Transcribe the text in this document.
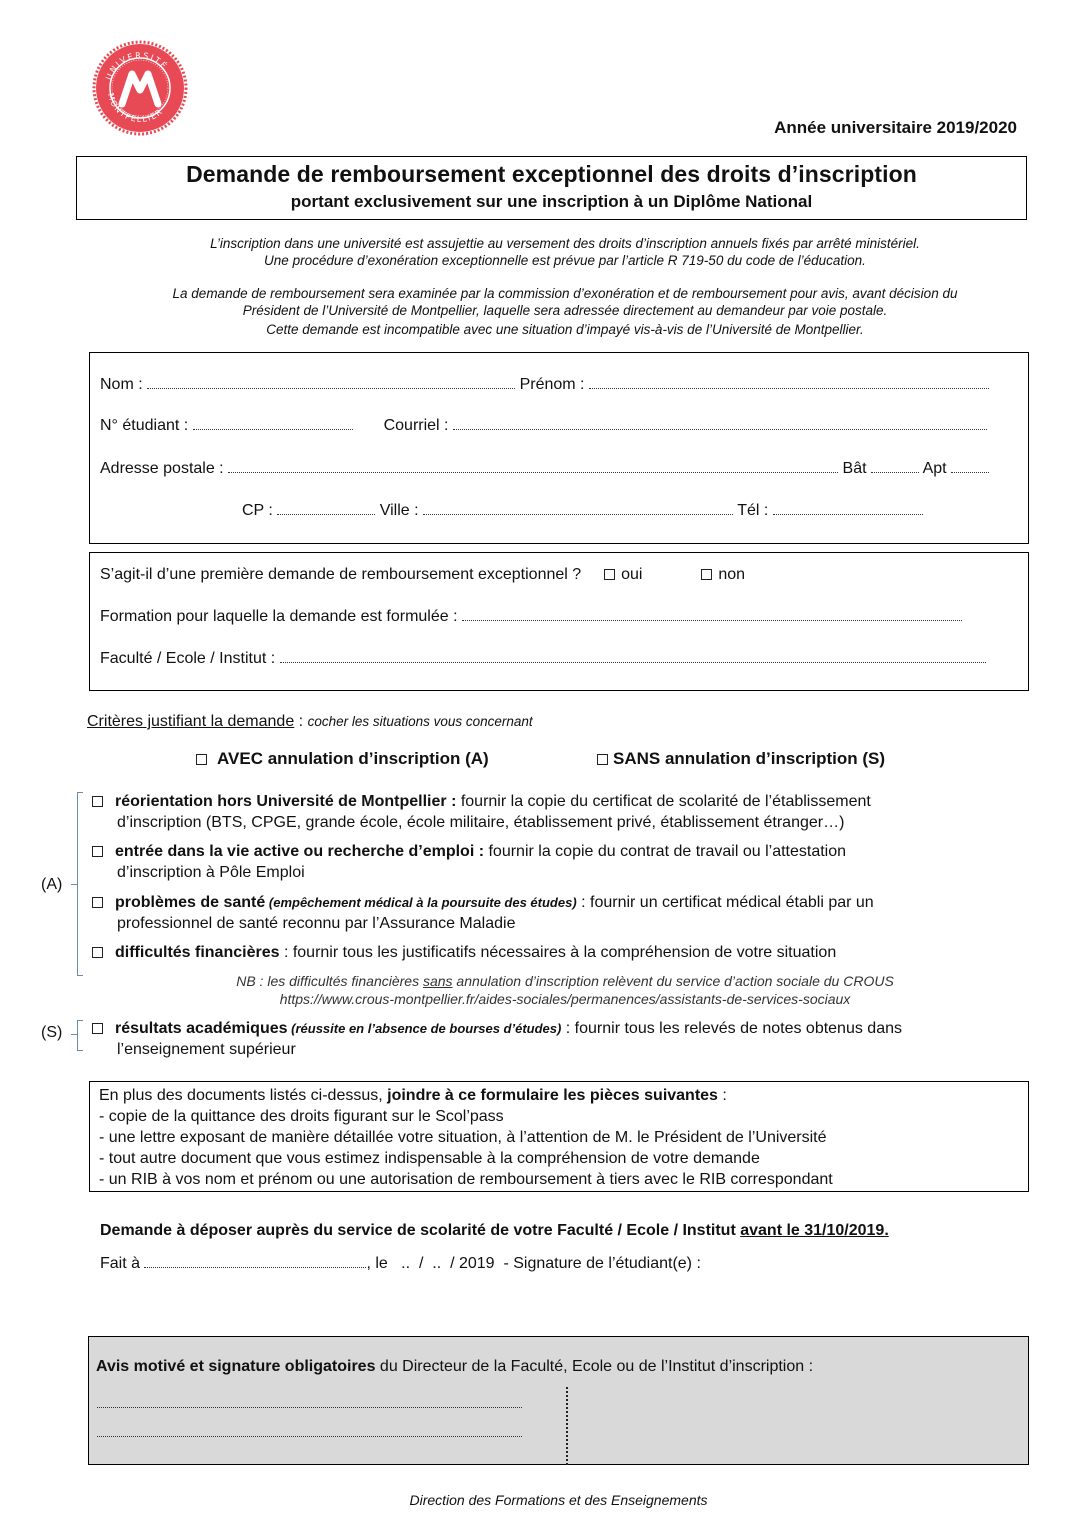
UNIVERSITÉ
MONTPELLIER
Année universitaire 2019/2020
Demande de remboursement exceptionnel des droits d’inscription
portant exclusivement sur une inscription à un Diplôme National
L’inscription dans une université est assujettie au versement des droits d’inscription annuels fixés par arrêté ministériel.
Une procédure d’exonération exceptionnelle est prévue par l’article R 719-50 du code de l’éducation.
La demande de remboursement sera examinée par la commission d’exonération et de remboursement pour avis, avant décision du
Président de l’Université de Montpellier, laquelle sera adressée directement au demandeur par voie postale.
Cette demande est incompatible avec une situation d’impayé vis-à-vis de l’Université de Montpellier.
Nom :	Prénom :
N° étudiant :	Courriel :
Adresse postale :	Bât	Apt
CP :	Ville :	Tél :
S’agit-il d’une première demande de remboursement exceptionnel ? oui	non
Formation pour laquelle la demande est formulée :
Faculté / Ecole / Institut :
Critères justifiant la demande : cocher les situations vous concernant
AVEC annulation d’inscription (A)	SANS annulation d’inscription (S)
(A)
réorientation hors Université de Montpellier : fournir la copie du certificat de scolarité de l’établissement
d’inscription (BTS, CPGE, grande école, école militaire, établissement privé, établissement étranger…)
entrée dans la vie active ou recherche d’emploi : fournir la copie du contrat de travail ou l’attestation
d’inscription à Pôle Emploi
problèmes de santé (empêchement médical à la poursuite des études) : fournir un certificat médical établi par un
professionnel de santé reconnu par l’Assurance Maladie
difficultés financières : fournir tous les justificatifs nécessaires à la compréhension de votre situation
NB : les difficultés financières sans annulation d’inscription relèvent du service d’action sociale du CROUS
https://www.crous-montpellier.fr/aides-sociales/permanences/assistants-de-services-sociaux
(S)	résultats académiques (réussite en l’absence de bourses d’études) : fournir tous les relevés de notes obtenus dans
l’enseignement supérieur
En plus des documents listés ci-dessus, joindre à ce formulaire les pièces suivantes :
- copie de la quittance des droits figurant sur le Scol’pass
- une lettre exposant de manière détaillée votre situation, à l’attention de M. le Président de l’Université
- tout autre document que vous estimez indispensable à la compréhension de votre demande
- un RIB à vos nom et prénom ou une autorisation de remboursement à tiers avec le RIB correspondant
Demande à déposer auprès du service de scolarité de votre Faculté / Ecole / Institut avant le 31/10/2019.
Fait à	, le ..  /  ..  / 2019 - Signature de l’étudiant(e) :
Avis motivé et signature obligatoires du Directeur de la Faculté, Ecole ou de l’Institut d’inscription :
Direction des Formations et des Enseignements
